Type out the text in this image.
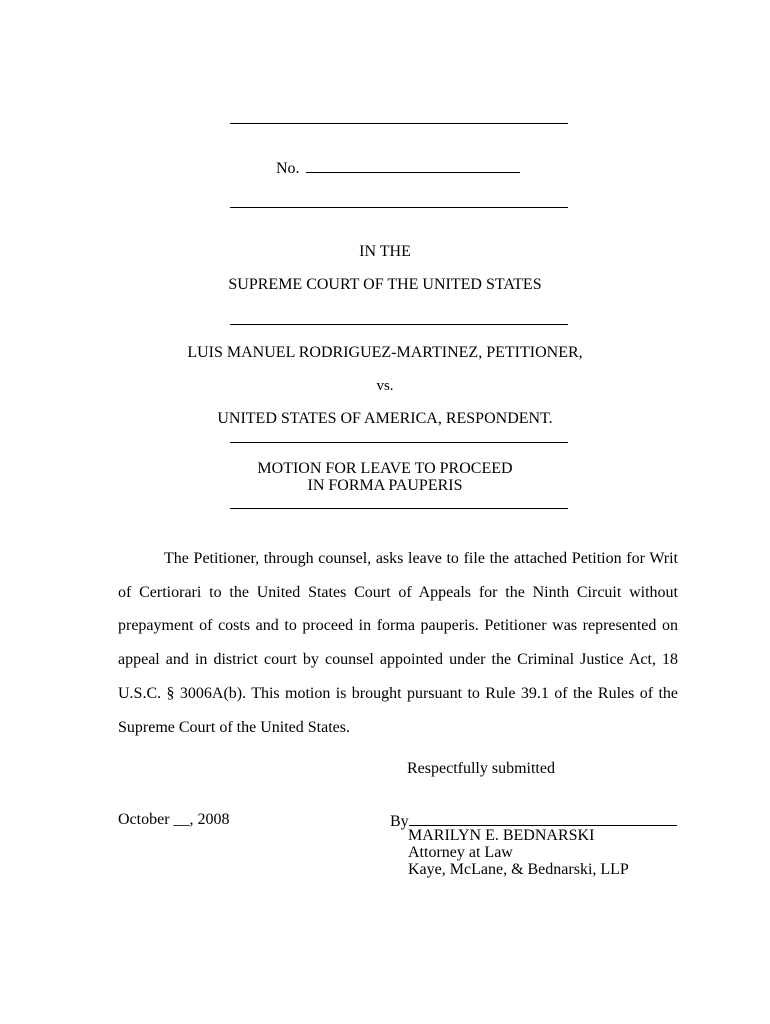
No.
IN THE
SUPREME COURT OF THE UNITED STATES
LUIS MANUEL RODRIGUEZ-MARTINEZ, PETITIONER,
vs.
UNITED STATES OF AMERICA, RESPONDENT.
MOTION FOR LEAVE TO PROCEED
IN FORMA PAUPERIS

The Petitioner, through counsel, asks leave to file the attached Petition for Writ of Certiorari to the United States Court of Appeals for the Ninth Circuit without prepayment of costs and to proceed in forma pauperis. Petitioner was represented on appeal and in district court by counsel appointed under the Criminal Justice Act, 18 U.S.C. § 3006A(b). This motion is brought pursuant to Rule 39.1 of the Rules of the Supreme Court of the United States.

Respectfully submitted
October __, 2008	By
MARILYN E. BEDNARSKI
Attorney at Law
Kaye, McLane, & Bednarski, LLP
